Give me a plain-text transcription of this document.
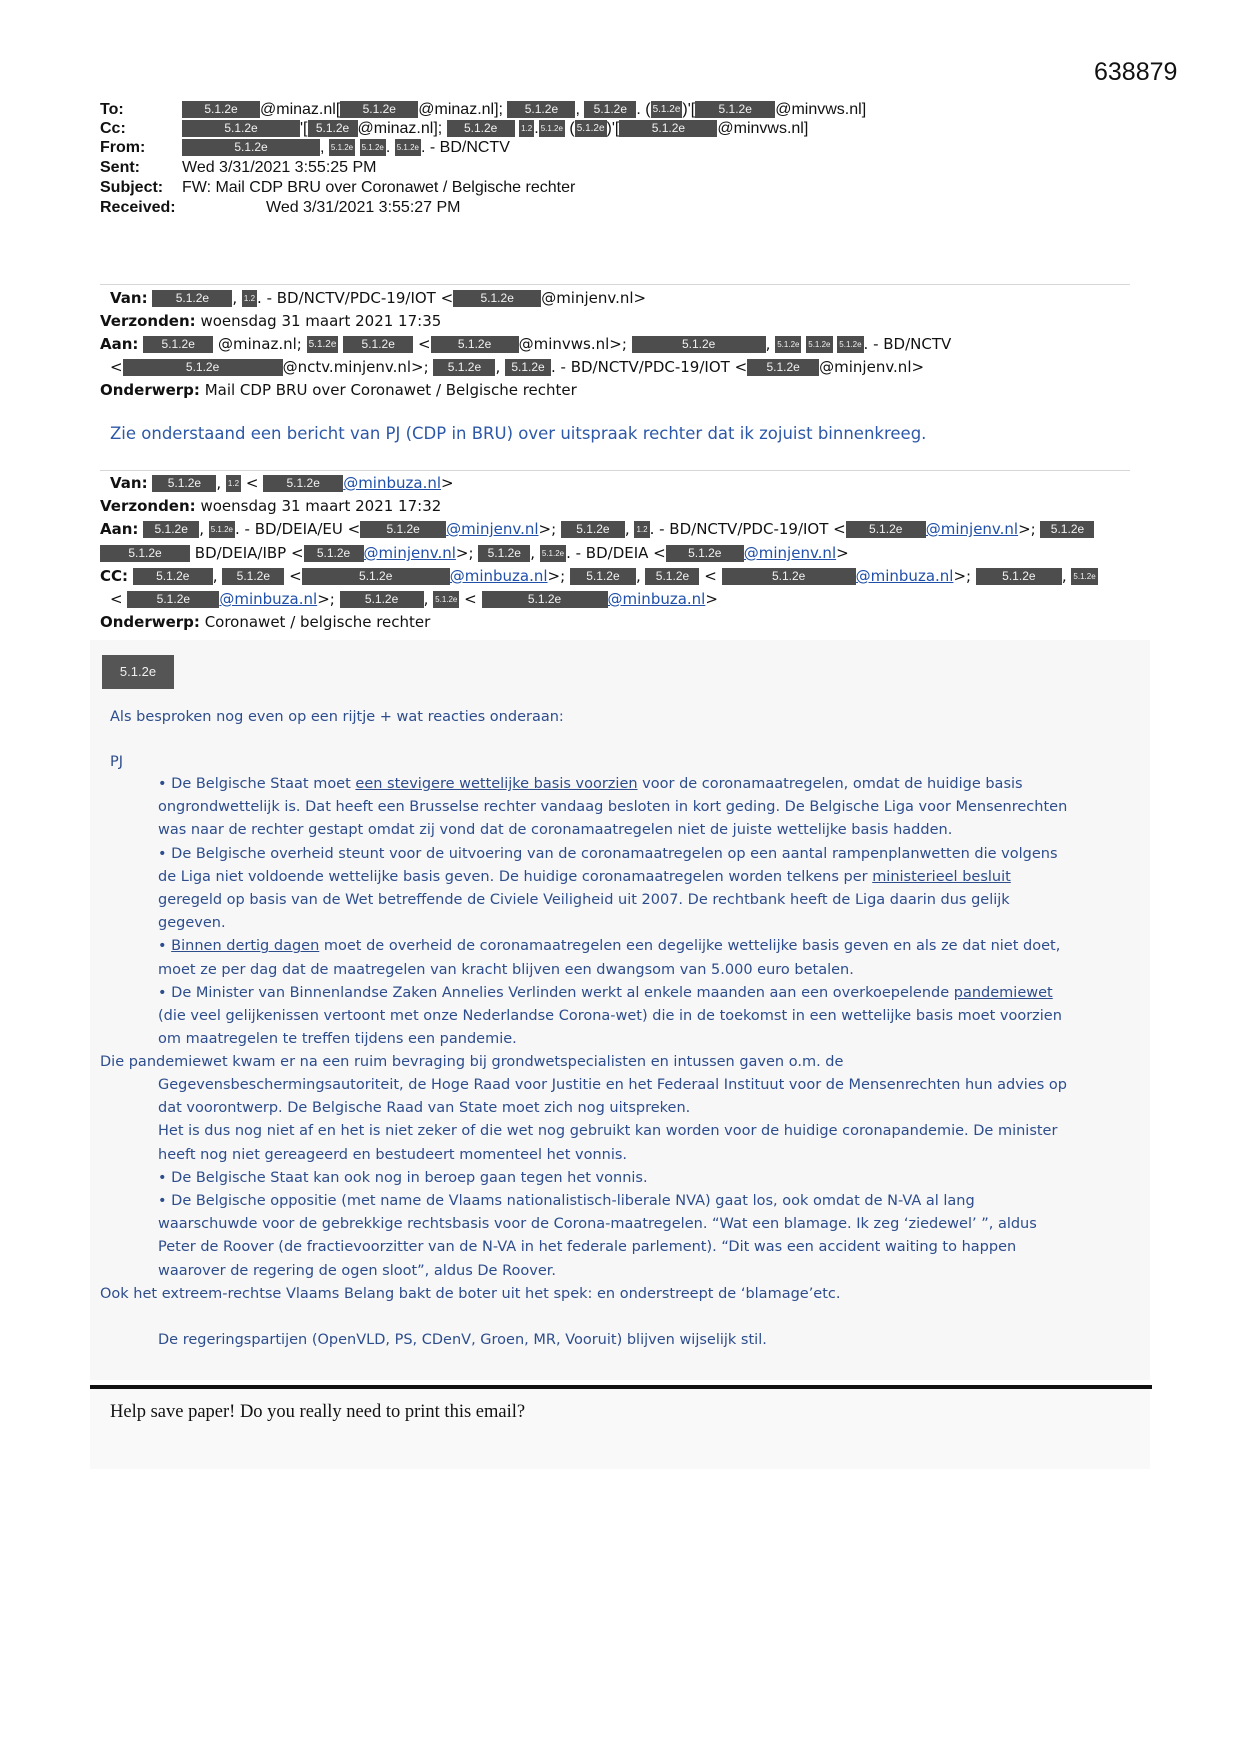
638879
To:	5.1.2e @minaz.nl[ 5.1.2e @minaz.nl]; 5.1.2e , 5.1.2e . ( 5.1.2e )'[ 5.1.2e @minvws.nl]
Cc:	5.1.2e	'[ 5.1.2e @minaz.nl]; 5.1.2e	1.2 . 5.1.2e ( 5.1.2e )'[	5.1.2e @minvws.nl]
From:	5.1.2e	, 5.1.2e 5.1.2e . 5.1.2e . - BD/NCTV
Sent:	Wed 3/31/2021 3:55:25 PM
Subject: FW: Mail CDP BRU over Coronawet / Belgische rechter
Received:	Wed 3/31/2021 3:55:27 PM
Van: 5.1.2e , 1.2 . - BD/NCTV/PDC-19/IOT < 5.1.2e @minjenv.nl>
Verzonden: woensdag 31 maart 2021 17:35
Aan: 5.1.2e @minaz.nl; 5.1.2e 5.1.2e < 5.1.2e @minvws.nl>;	5.1.2e	, 5.1.2e 5.1.2e 5.1.2e . - BD/NCTV
<	5.1.2e	@nctv.minjenv.nl>; 5.1.2e , 5.1.2e . - BD/NCTV/PDC-19/IOT < 5.1.2e @minjenv.nl>
Onderwerp: Mail CDP BRU over Coronawet / Belgische rechter
Zie onderstaand een bericht van PJ (CDP in BRU) over uitspraak rechter dat ik zojuist binnenkreeg.
Van: 5.1.2e , 1.2 < 5.1.2e @minbuza.nl>
Verzonden: woensdag 31 maart 2021 17:32
Aan: 5.1.2e , 5.1.2e . - BD/DEIA/EU < 5.1.2e @minjenv.nl>; 5.1.2e , 1.2 . - BD/NCTV/PDC-19/IOT < 5.1.2e @minjenv.nl>; 5.1.2e
5.1.2e BD/DEIA/IBP < 5.1.2e @minjenv.nl>; 5.1.2e , 5.1.2e . - BD/DEIA < 5.1.2e @minjenv.nl>
CC: 5.1.2e , 5.1.2e <	5.1.2e	@minbuza.nl>; 5.1.2e , 5.1.2e <	5.1.2e	@minbuza.nl>;	5.1.2e , 5.1.2e
<	5.1.2e @minbuza.nl>;	5.1.2e , 5.1.2e <	5.1.2e	@minbuza.nl>
Onderwerp: Coronawet / belgische rechter
5.1.2e
Als besproken nog even op een rijtje + wat reacties onderaan:
PJ
• De Belgische Staat moet een stevigere wettelijke basis voorzien voor de coronamaatregelen, omdat de huidige basis
ongrondwettelijk is. Dat heeft een Brusselse rechter vandaag besloten in kort geding. De Belgische Liga voor Mensenrechten
was naar de rechter gestapt omdat zij vond dat de coronamaatregelen niet de juiste wettelijke basis hadden.
• De Belgische overheid steunt voor de uitvoering van de coronamaatregelen op een aantal rampenplanwetten die volgens
de Liga niet voldoende wettelijke basis geven. De huidige coronamaatregelen worden telkens per ministerieel besluit
geregeld op basis van de Wet betreffende de Civiele Veiligheid uit 2007. De rechtbank heeft de Liga daarin dus gelijk
gegeven.
• Binnen dertig dagen moet de overheid de coronamaatregelen een degelijke wettelijke basis geven en als ze dat niet doet,
moet ze per dag dat de maatregelen van kracht blijven een dwangsom van 5.000 euro betalen.
• De Minister van Binnenlandse Zaken Annelies Verlinden werkt al enkele maanden aan een overkoepelende pandemiewet
(die veel gelijkenissen vertoont met onze Nederlandse Corona-wet) die in de toekomst in een wettelijke basis moet voorzien
om maatregelen te treffen tijdens een pandemie.
Die pandemiewet kwam er na een ruim bevraging bij grondwetspecialisten en intussen gaven o.m. de
Gegevensbeschermingsautoriteit, de Hoge Raad voor Justitie en het Federaal Instituut voor de Mensenrechten hun advies op
dat voorontwerp. De Belgische Raad van State moet zich nog uitspreken.
Het is dus nog niet af en het is niet zeker of die wet nog gebruikt kan worden voor de huidige coronapandemie. De minister
heeft nog niet gereageerd en bestudeert momenteel het vonnis.
• De Belgische Staat kan ook nog in beroep gaan tegen het vonnis.
• De Belgische oppositie (met name de Vlaams nationalistisch-liberale NVA) gaat los, ook omdat de N-VA al lang
waarschuwde voor de gebrekkige rechtsbasis voor de Corona-maatregelen. “Wat een blamage. Ik zeg ‘ziedewel’ ”, aldus
Peter de Roover (de fractievoorzitter van de N-VA in het federale parlement). “Dit was een accident waiting to happen
waarover de regering de ogen sloot”, aldus De Roover.
Ook het extreem-rechtse Vlaams Belang bakt de boter uit het spek: en onderstreept de ‘blamage’etc.
De regeringspartijen (OpenVLD, PS, CDenV, Groen, MR, Vooruit) blijven wijselijk stil.
Help save paper! Do you really need to print this email?
